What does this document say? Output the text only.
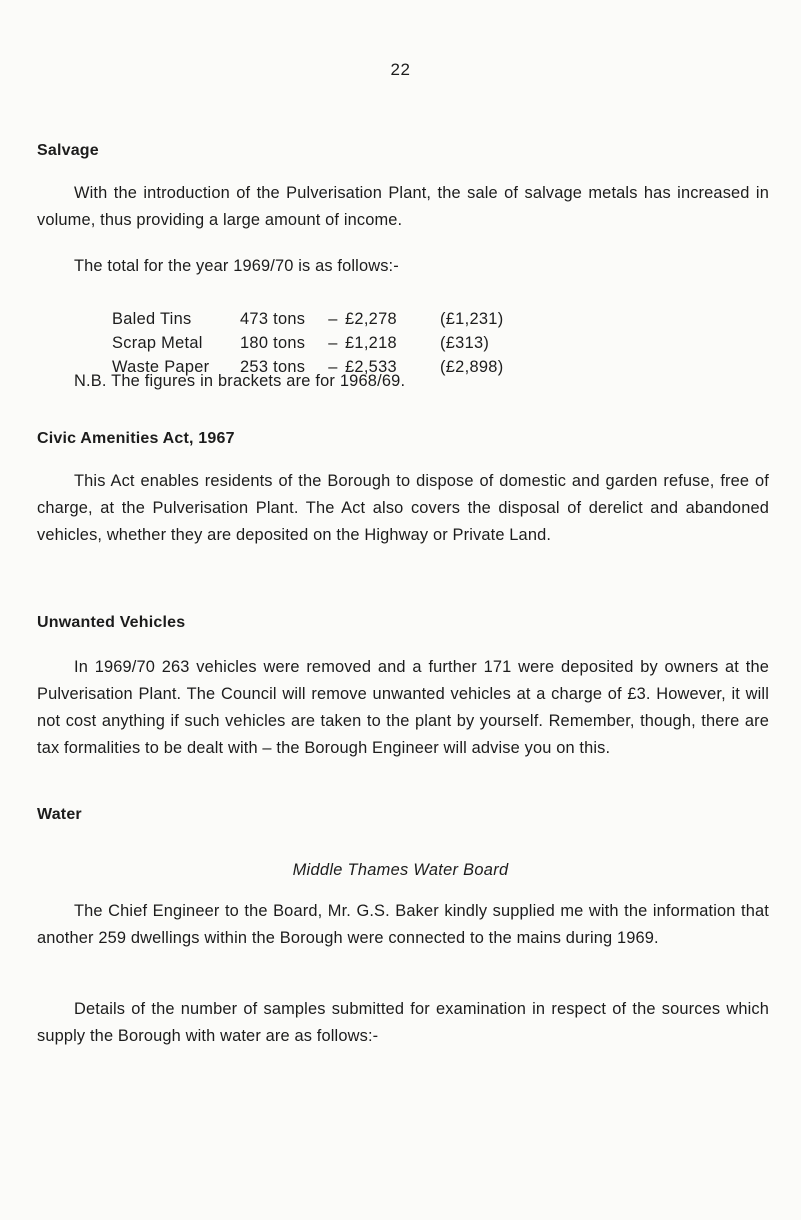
22
Salvage
With the introduction of the Pulverisation Plant, the sale of salvage metals has increased in volume, thus providing a large amount of income.
The total for the year 1969/70 is as follows:-
Baled Tins	473 tons	–	£2,278	(£1,231)
Scrap Metal	180 tons	–	£1,218	(£313)
Waste Paper	253 tons	–	£2,533	(£2,898)
N.B. The figures in brackets are for 1968/69.
Civic Amenities Act, 1967
This Act enables residents of the Borough to dispose of domestic and garden refuse, free of charge, at the Pulverisation Plant. The Act also covers the disposal of derelict and abandoned vehicles, whether they are deposited on the Highway or Private Land.
Unwanted Vehicles
In 1969/70 263 vehicles were removed and a further 171 were deposited by owners at the Pulverisation Plant. The Council will remove unwanted vehicles at a charge of £3. However, it will not cost anything if such vehicles are taken to the plant by yourself. Remember, though, there are tax formalities to be dealt with – the Borough Engineer will advise you on this.
Water
Middle Thames Water Board
The Chief Engineer to the Board, Mr. G.S. Baker kindly supplied me with the information that another 259 dwellings within the Borough were connected to the mains during 1969.
Details of the number of samples submitted for examination in respect of the sources which supply the Borough with water are as follows:-
